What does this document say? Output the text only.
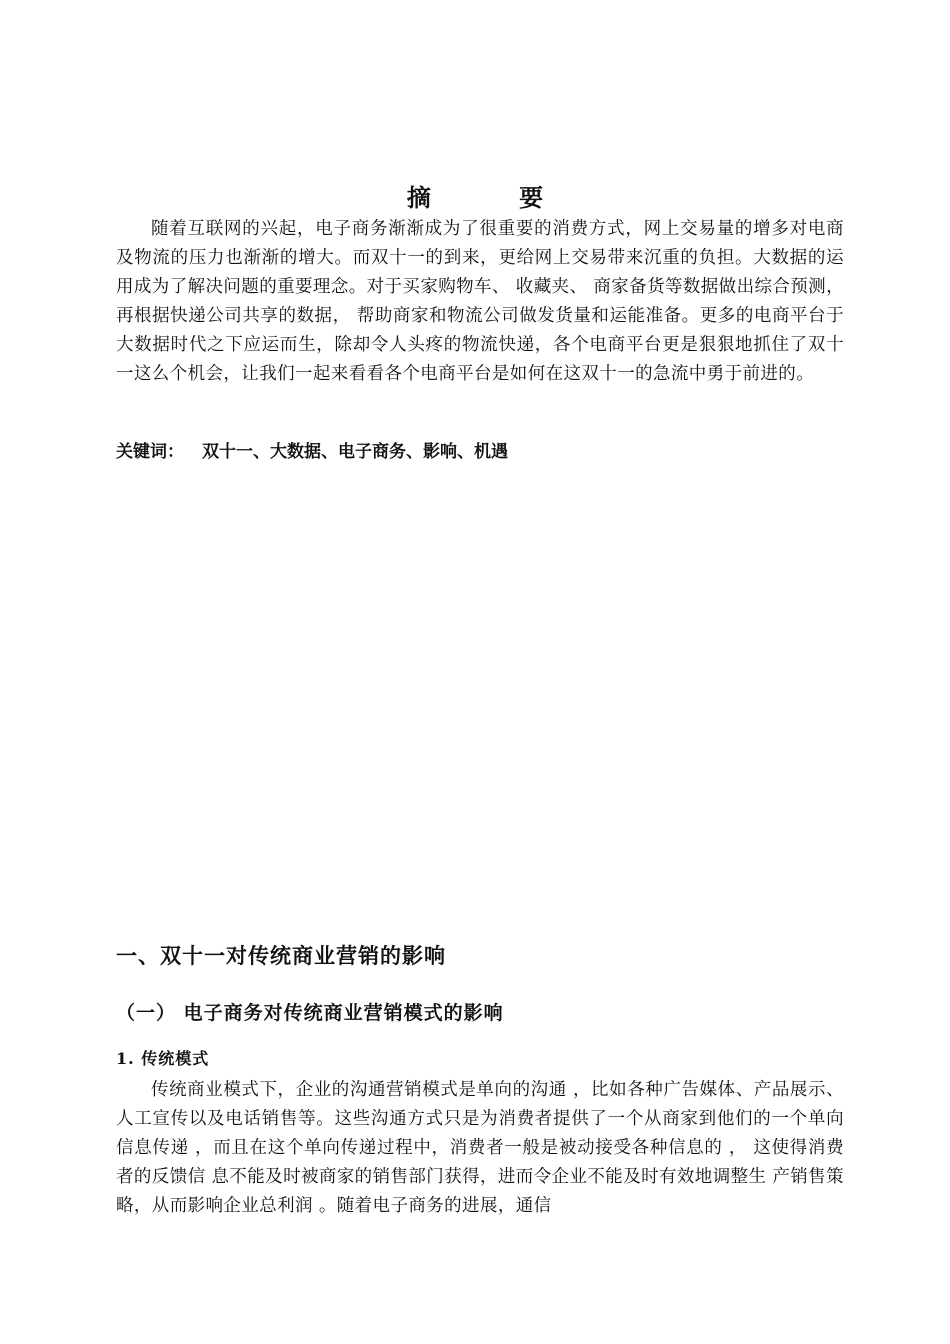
摘 要

随着互联网的兴起，电子商务渐渐成为了很重要的消费方式，网上交易量的增多对电商及物流的压力也渐渐的增大。而双十一的到来，更给网上交易带来沉重的负担。大数据的运用成为了解决问题的重要理念。对于买家购物车、 收藏夹、 商家备货等数据做出综合预测， 再根据快递公司共享的数据， 帮助商家和物流公司做发货量和运能准备。更多的电商平台于大数据时代之下应运而生，除却令人头疼的物流快递，各个电商平台更是狠狠地抓住了双十一这么个机会，让我们一起来看看各个电商平台是如何在这双十一的急流中勇于前进的。

关键词： 双十一、大数据、电子商务、影响、机遇

一、双十一对传统商业营销的影响
（一） 电子商务对传统商业营销模式的影响
1. 传统模式

传统商业模式下，企业的沟通营销模式是单向的沟通 ，比如各种广告媒体、产品展示、人工宣传以及电话销售等。这些沟通方式只是为消费者提供了一个从商家到他们的一个单向信息传递 ，而且在这个单向传递过程中，消费者一般是被动接受各种信息的 ， 这使得消费者的反馈信 息不能及时被商家的销售部门获得，进而令企业不能及时有效地调整生 产销售策略，从而影响企业总利润 。随着电子商务的进展，通信
